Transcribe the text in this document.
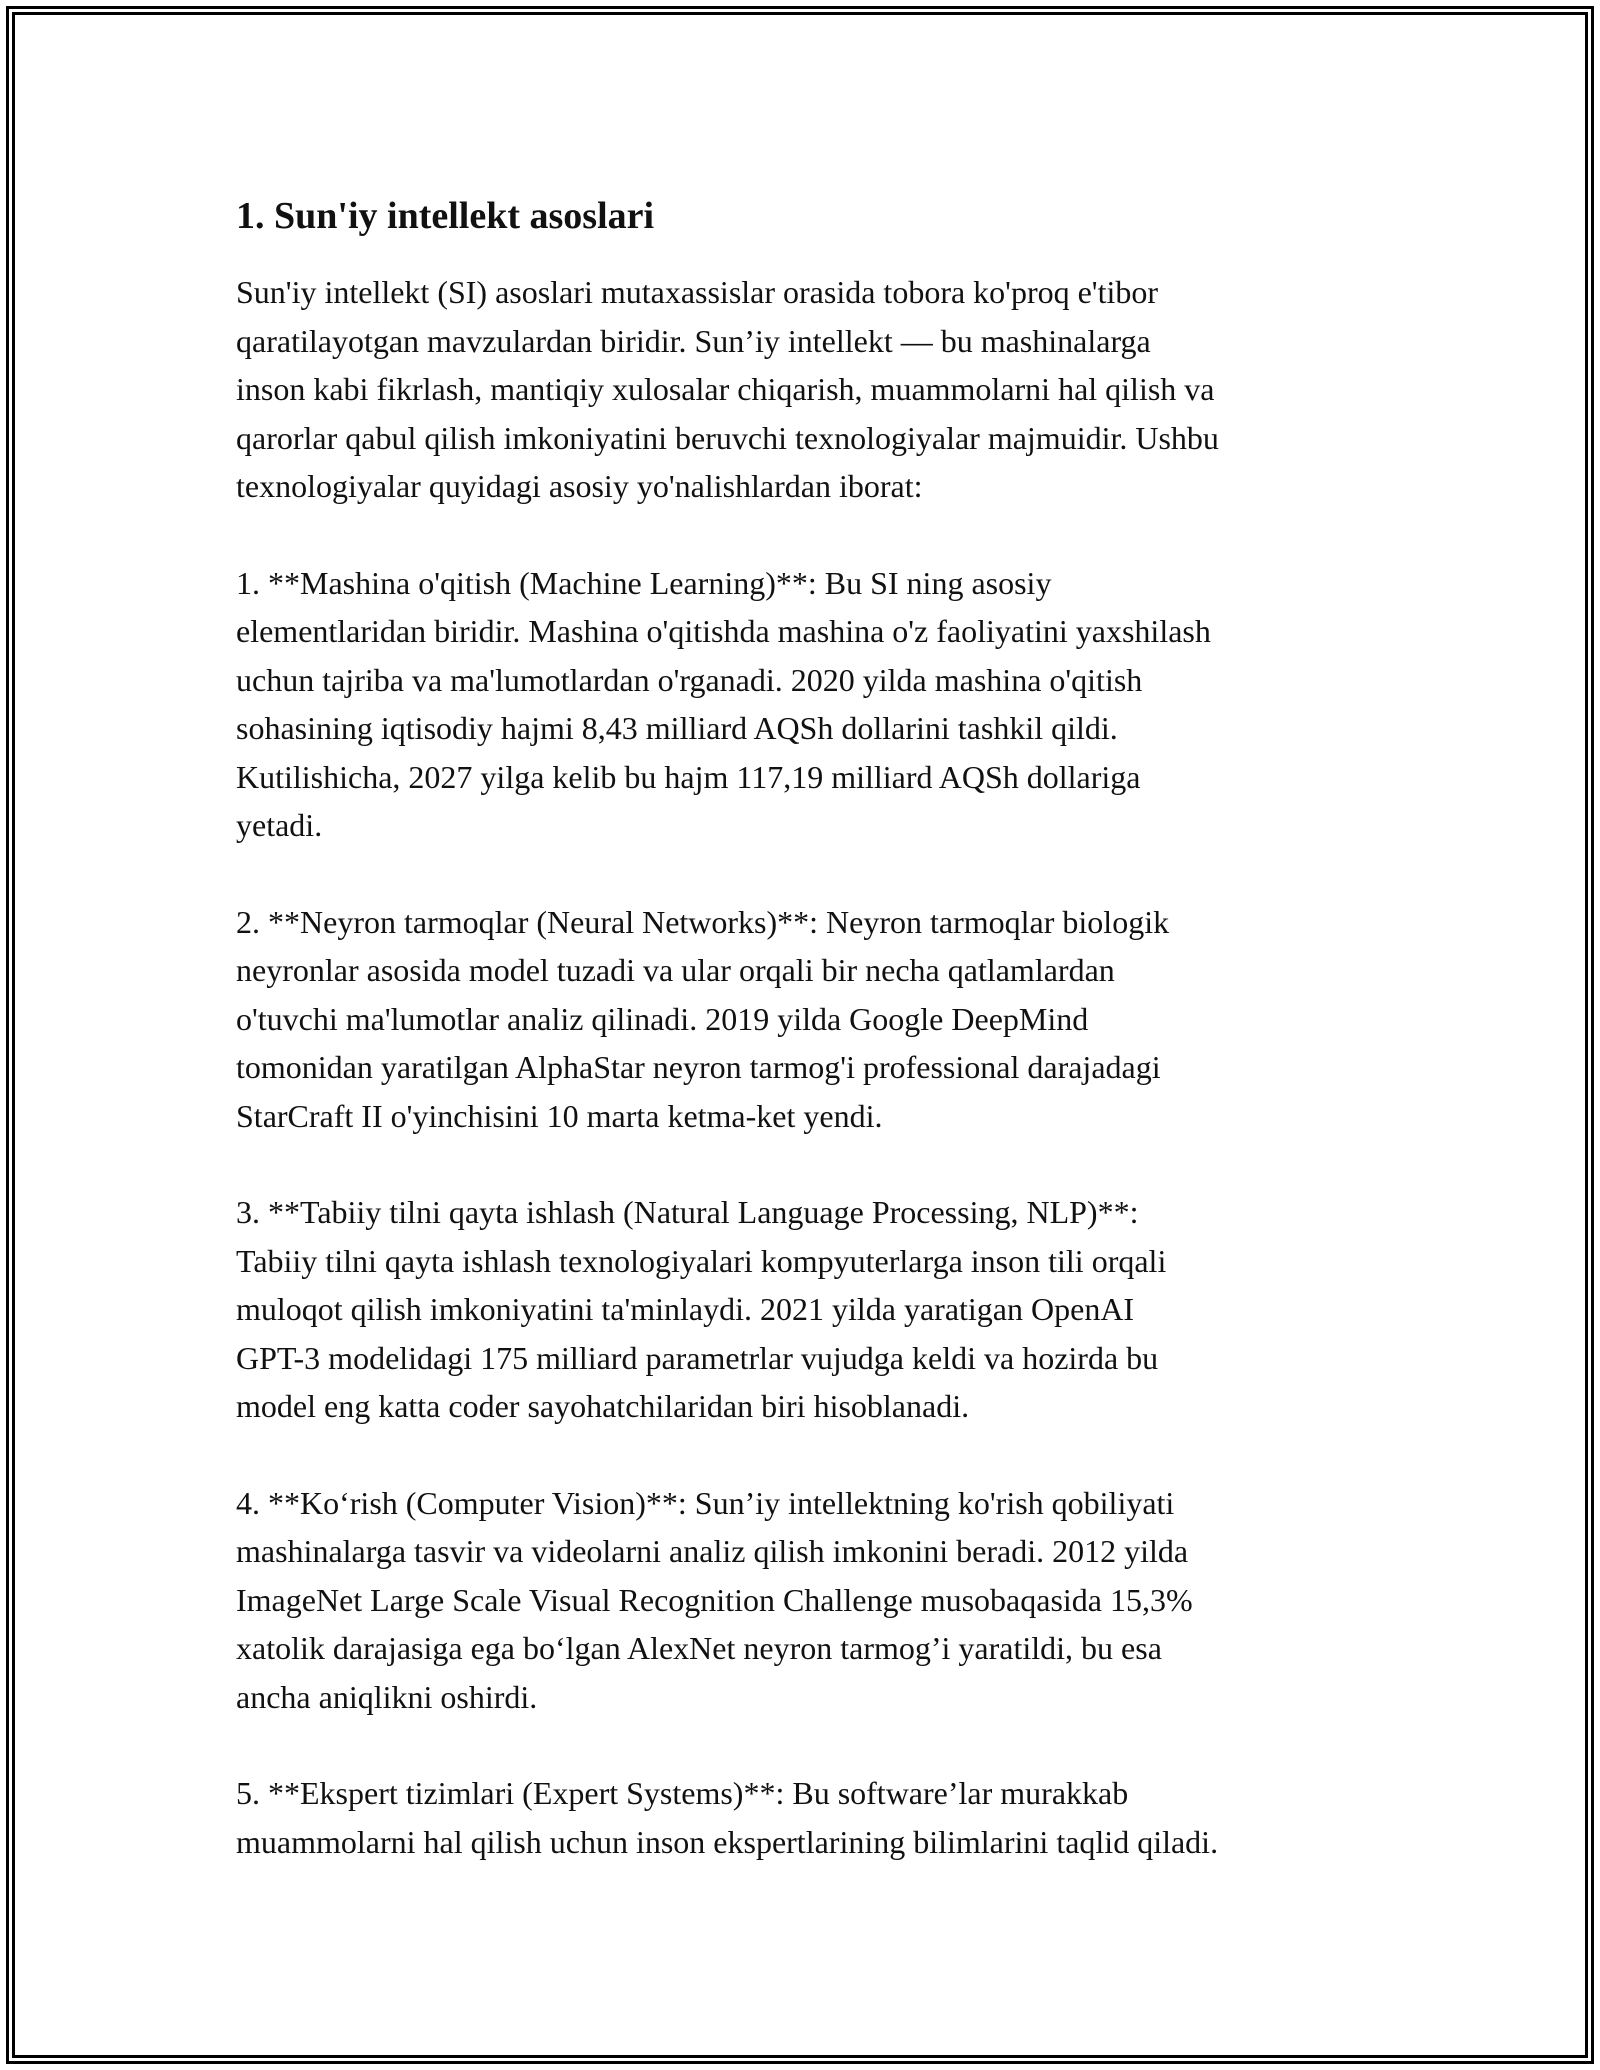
1. Sun'iy intellekt asoslari

Sun'iy intellekt (SI) asoslari mutaxassislar orasida tobora ko'proq e'tibor
qaratilayotgan mavzulardan biridir. Sun’iy intellekt — bu mashinalarga
inson kabi fikrlash, mantiqiy xulosalar chiqarish, muammolarni hal qilish va
qarorlar qabul qilish imkoniyatini beruvchi texnologiyalar majmuidir. Ushbu
texnologiyalar quyidagi asosiy yo'nalishlardan iborat:

1. **Mashina o'qitish (Machine Learning)**: Bu SI ning asosiy
elementlaridan biridir. Mashina o'qitishda mashina o'z faoliyatini yaxshilash
uchun tajriba va ma'lumotlardan o'rganadi. 2020 yilda mashina o'qitish
sohasining iqtisodiy hajmi 8,43 milliard AQSh dollarini tashkil qildi.
Kutilishicha, 2027 yilga kelib bu hajm 117,19 milliard AQSh dollariga
yetadi.

2. **Neyron tarmoqlar (Neural Networks)**: Neyron tarmoqlar biologik
neyronlar asosida model tuzadi va ular orqali bir necha qatlamlardan
o'tuvchi ma'lumotlar analiz qilinadi. 2019 yilda Google DeepMind
tomonidan yaratilgan AlphaStar neyron tarmog'i professional darajadagi
StarCraft II o'yinchisini 10 marta ketma-ket yendi.

3. **Tabiiy tilni qayta ishlash (Natural Language Processing, NLP)**:
Tabiiy tilni qayta ishlash texnologiyalari kompyuterlarga inson tili orqali
muloqot qilish imkoniyatini ta'minlaydi. 2021 yilda yaratigan OpenAI
GPT-3 modelidagi 175 milliard parametrlar vujudga keldi va hozirda bu
model eng katta coder sayohatchilaridan biri hisoblanadi.

4. **Ko‘rish (Computer Vision)**: Sun’iy intellektning ko'rish qobiliyati
mashinalarga tasvir va videolarni analiz qilish imkonini beradi. 2012 yilda
ImageNet Large Scale Visual Recognition Challenge musobaqasida 15,3%
xatolik darajasiga ega bo‘lgan AlexNet neyron tarmog’i yaratildi, bu esa
ancha aniqlikni oshirdi.

5. **Ekspert tizimlari (Expert Systems)**: Bu software’lar murakkab
muammolarni hal qilish uchun inson ekspertlarining bilimlarini taqlid qiladi.
